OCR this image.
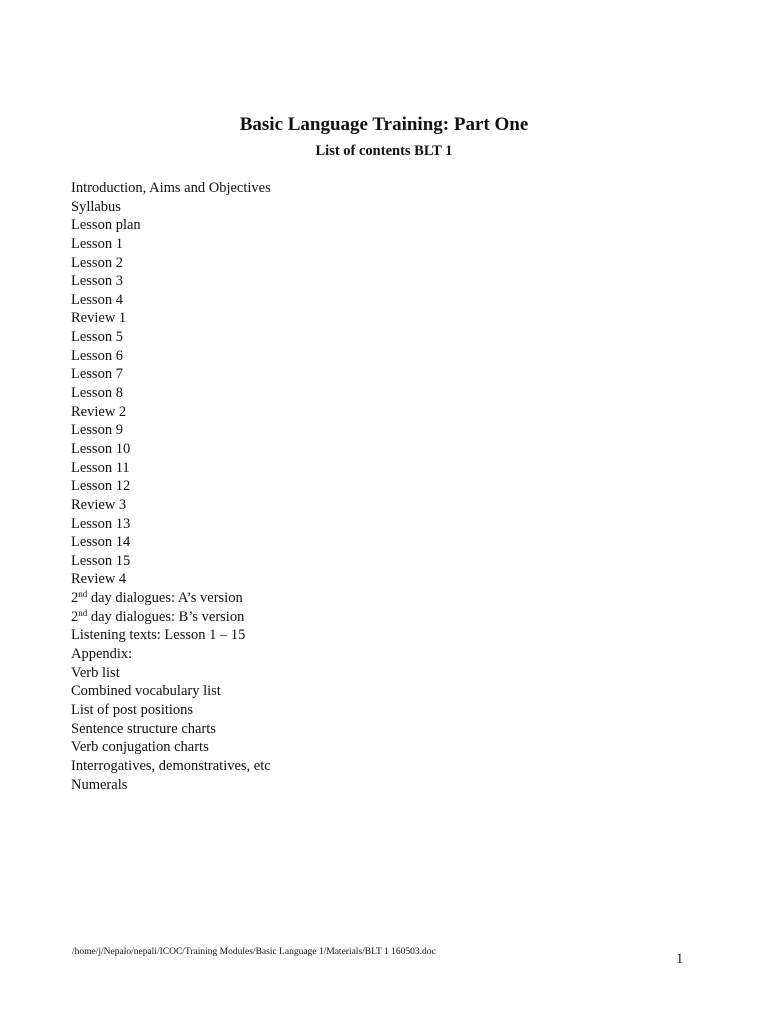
Basic Language Training: Part One
List of contents BLT 1
Introduction, Aims and Objectives
Syllabus
Lesson plan
Lesson 1
Lesson 2
Lesson 3
Lesson 4
Review 1
Lesson 5
Lesson 6
Lesson 7
Lesson 8
Review 2
Lesson 9
Lesson 10
Lesson 11
Lesson 12
Review 3
Lesson 13
Lesson 14
Lesson 15
Review 4
2nd day dialogues: A’s version
2nd day dialogues: B’s version
Listening texts: Lesson 1 – 15
Appendix:
Verb list
Combined vocabulary list
List of post positions
Sentence structure charts
Verb conjugation charts
Interrogatives, demonstratives, etc
Numerals
/home/j/Nepalo/nepali/ICOC/Training Modules/Basic Language 1/Materials/BLT 1 160503.doc	1
